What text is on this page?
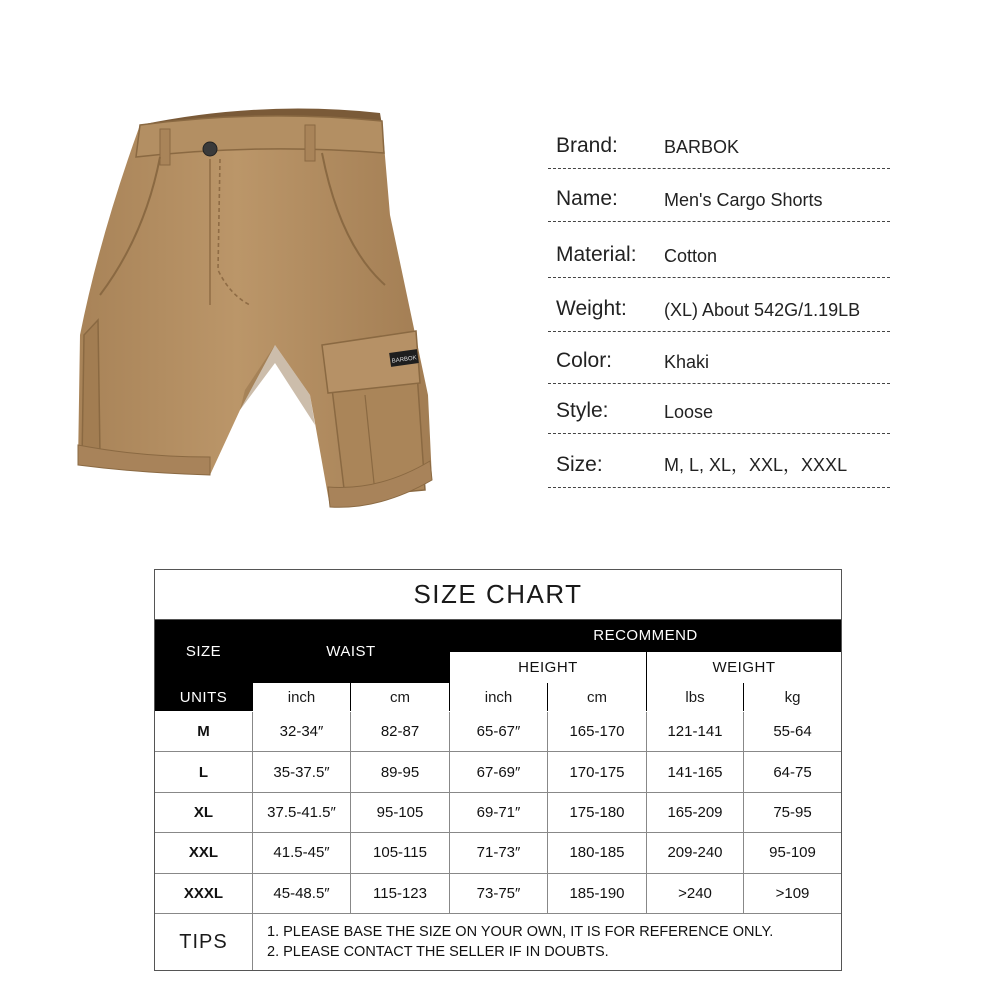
BARBOK
Brand:	BARBOK
Name:	Men's Cargo Shorts
Material: Cotton
Weight: (XL) About 542G/1.19LB
Color:	Khaki
Style:	Loose
Size:	M, L, XL，XXL，XXXL
SIZE CHART
SIZE	WAIST
RECOMMEND
HEIGHT	WEIGHT
UNITS	inch	cm	inch	cm	lbs	kg
M	32-34″	82-87	65-67″	165-170	121-141	55-64
L	35-37.5″	89-95	67-69″	170-175	141-165	64-75
XL	37.5-41.5″	95-105	69-71″	175-180	165-209	75-95
XXL	41.5-45″	105-115	71-73″	180-185	209-240	95-109
XXXL	45-48.5″	115-123	73-75″	185-190	>240	>109
TIPS	1. PLEASE BASE THE SIZE ON YOUR OWN, IT IS FOR REFERENCE ONLY.
2. PLEASE CONTACT THE SELLER IF IN DOUBTS.
